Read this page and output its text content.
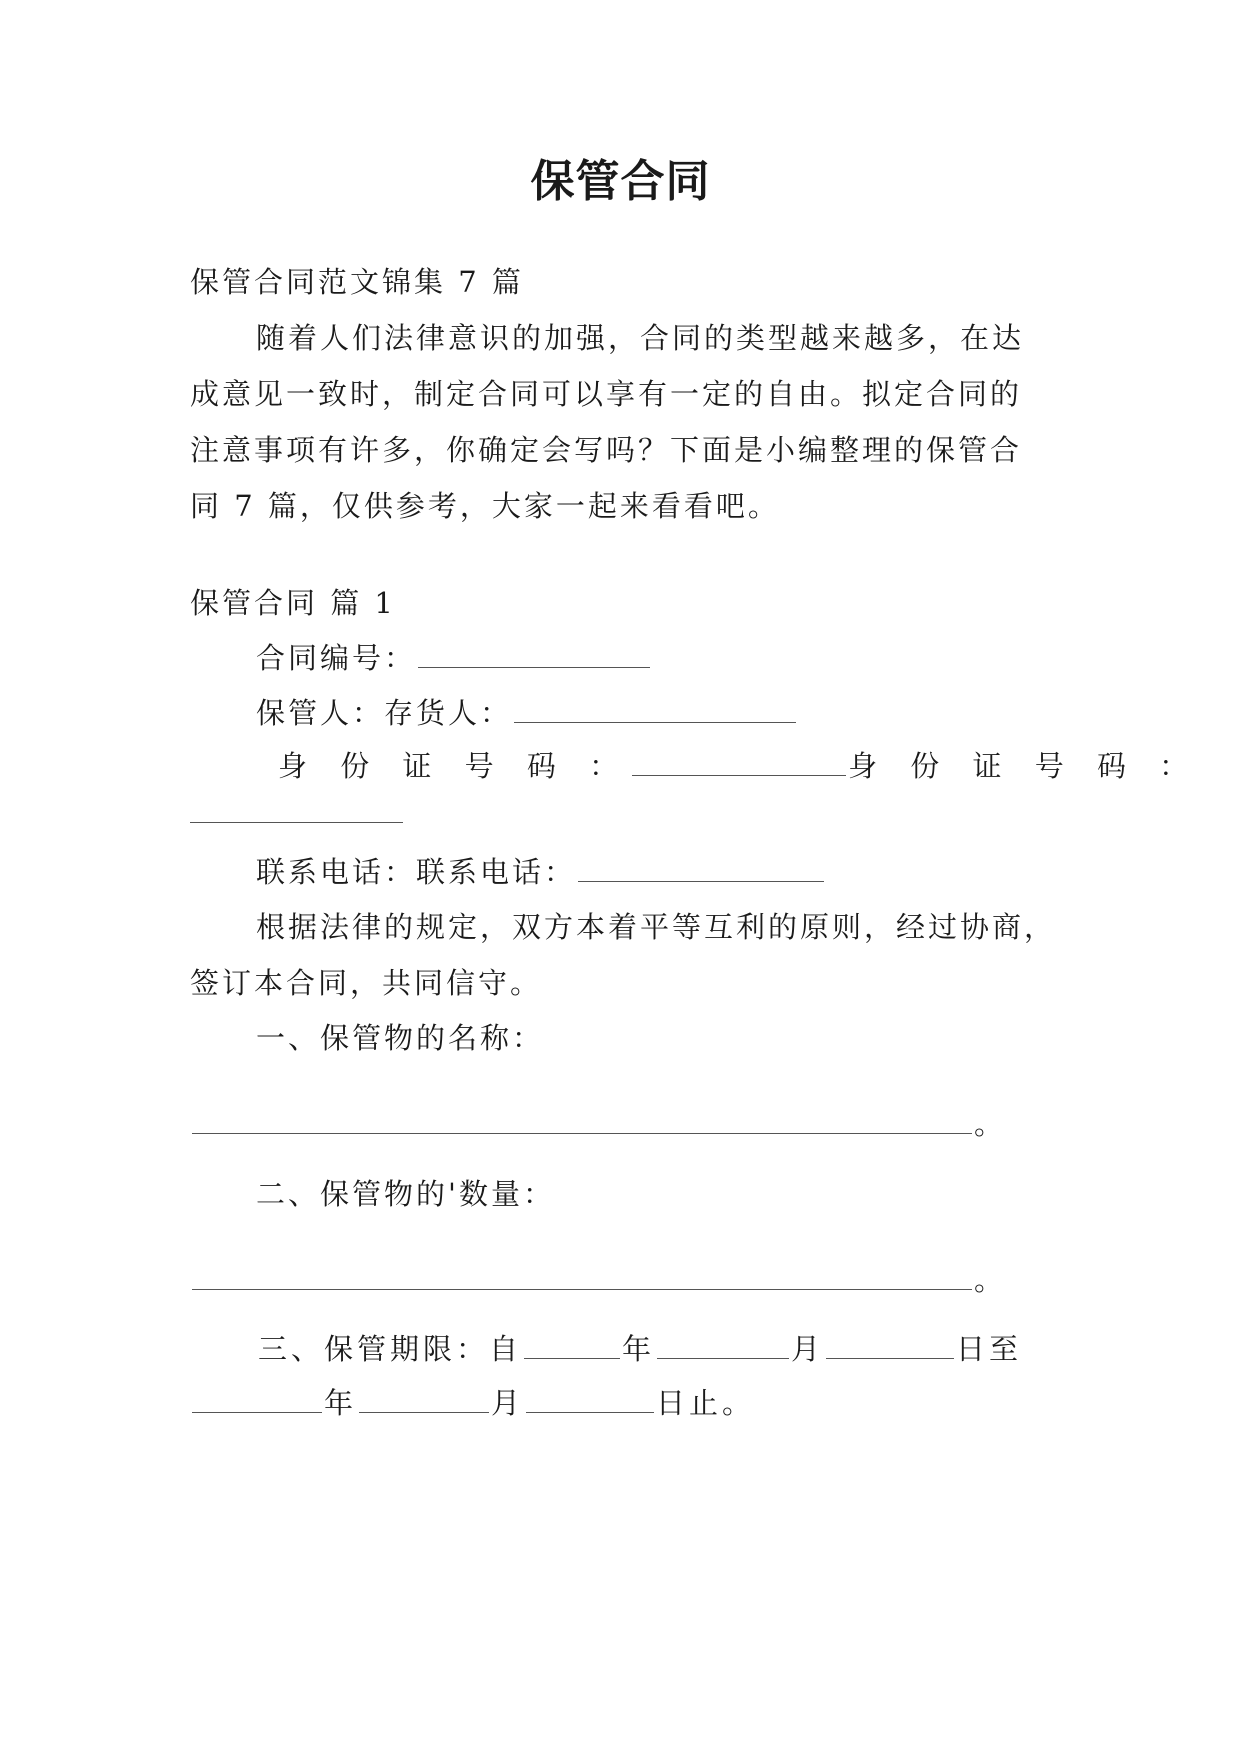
保管合同
保管合同范文锦集 7 篇
随着人们法律意识的加强，合同的类型越来越多，在达
成意见一致时，制定合同可以享有一定的自由。拟定合同的
注意事项有许多，你确定会写吗？下面是小编整理的保管合
同 7 篇，仅供参考，大家一起来看看吧。
保管合同 篇 1
合同编号：
保管人：存货人：
身 份 证 号 码 ：	身 份 证 号 码 ：
联系电话：联系电话：
根据法律的规定，双方本着平等互利的原则，经过协商，
签订本合同，共同信守。
一、保管物的名称：
。
二、保管物的'数量：
。
三、保管期限：自	年	月	日至
年	月	日止。
